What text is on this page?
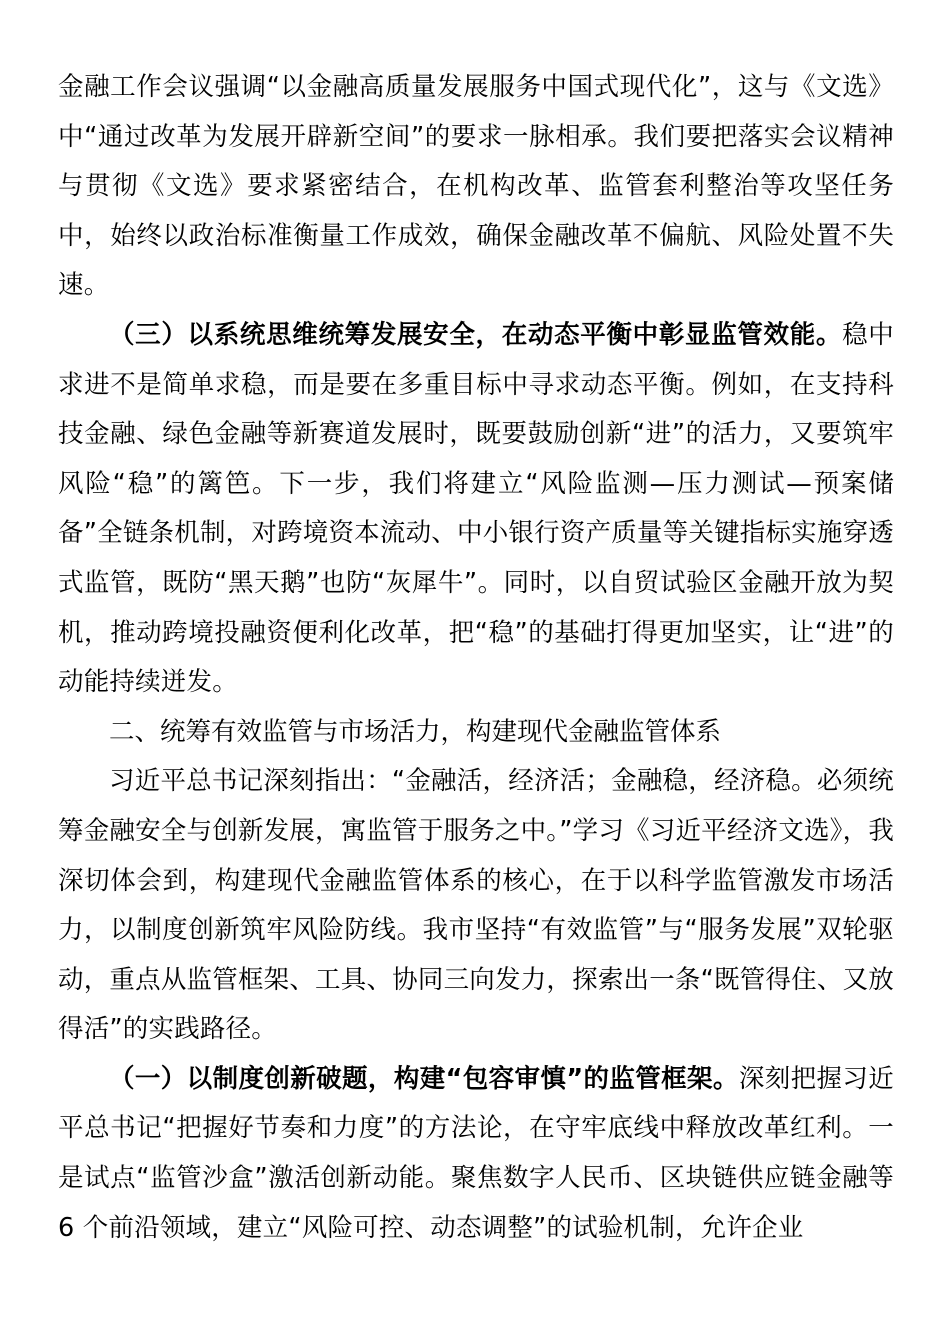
金融工作会议强调“以金融高质量发展服务中国式现代化”，这与《文选》中“通过改革为发展开辟新空间”的要求一脉相承。我们要把落实会议精神与贯彻《文选》要求紧密结合，在机构改革、监管套利整治等攻坚任务中，始终以政治标准衡量工作成效，确保金融改革不偏航、风险处置不失速。

（三）以系统思维统筹发展安全，在动态平衡中彰显监管效能。稳中求进不是简单求稳，而是要在多重目标中寻求动态平衡。例如，在支持科技金融、绿色金融等新赛道发展时，既要鼓励创新“进”的活力，又要筑牢风险“稳”的篱笆。下一步，我们将建立“风险监测—压力测试—预案储备”全链条机制，对跨境资本流动、中小银行资产质量等关键指标实施穿透式监管，既防“黑天鹅”也防“灰犀牛”。同时，以自贸试验区金融开放为契机，推动跨境投融资便利化改革，把“稳”的基础打得更加坚实，让“进”的动能持续迸发。

二、统筹有效监管与市场活力，构建现代金融监管体系

习近平总书记深刻指出：“金融活，经济活；金融稳，经济稳。必须统筹金融安全与创新发展，寓监管于服务之中。”学习《习近平经济文选》，我深切体会到，构建现代金融监管体系的核心，在于以科学监管激发市场活力，以制度创新筑牢风险防线。我市坚持“有效监管”与“服务发展”双轮驱动，重点从监管框架、工具、协同三向发力，探索出一条“既管得住、又放得活”的实践路径。

（一）以制度创新破题，构建“包容审慎”的监管框架。深刻把握习近平总书记“把握好节奏和力度”的方法论，在守牢底线中释放改革红利。一是试点“监管沙盒”激活创新动能。聚焦数字人民币、区块链供应链金融等 6 个前沿领域，建立“风险可控、动态调整”的试验机制，允许企业
